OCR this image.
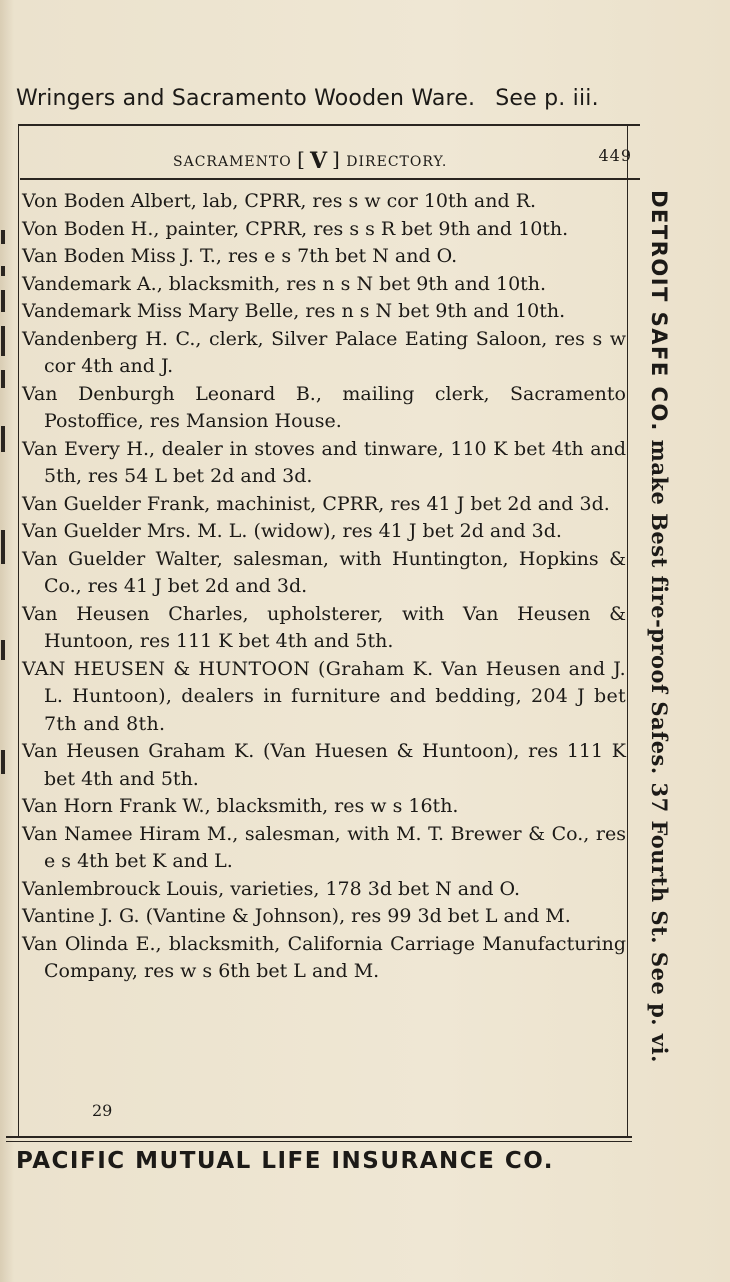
Wringers and Sacramento Wooden Ware. See p. iii.
SACRAMENTO [ V ] DIRECTORY.	449

Von Boden Albert, lab, CPRR, res s w cor 10th and R.

Von Boden H., painter, CPRR, res s s R bet 9th and 10th.

Van Boden Miss J. T., res e s 7th bet N and O.

Vandemark A., blacksmith, res n s N bet 9th and 10th.

Vandemark Miss Mary Belle, res n s N bet 9th and 10th.

Vandenberg H. C., clerk, Silver Palace Eating Saloon, res s w cor 4th and J.

Van Denburgh Leonard B., mailing clerk, Sacramento Postoffice, res Mansion House.

Van Every H., dealer in stoves and tinware, 110 K bet 4th and 5th, res 54 L bet 2d and 3d.

Van Guelder Frank, machinist, CPRR, res 41 J bet 2d and 3d.

Van Guelder Mrs. M. L. (widow), res 41 J bet 2d and 3d.

Van Guelder Walter, salesman, with Huntington, Hopkins & Co., res 41 J bet 2d and 3d.

Van Heusen Charles, upholsterer, with Van Heusen & Huntoon, res 111 K bet 4th and 5th.

VAN HEUSEN & HUNTOON (Graham K. Van Heusen and J. L. Huntoon), dealers in furniture and bedding, 204 J bet 7th and 8th.

Van Heusen Graham K. (Van Huesen & Huntoon), res 111 K bet 4th and 5th.

Van Horn Frank W., blacksmith, res w s 16th.

Van Namee Hiram M., salesman, with M. T. Brewer & Co., res e s 4th bet K and L.

Vanlembrouck Louis, varieties, 178 3d bet N and O.

Vantine J. G. (Vantine & Johnson), res 99 3d bet L and M.

Van Olinda E., blacksmith, California Carriage Manufacturing Company, res w s 6th bet L and M.

29
DETROIT SAFE CO. make Best fire-proof Safes. 37 Fourth St. See p. vi.
PACIFIC MUTUAL LIFE INSURANCE CO.
